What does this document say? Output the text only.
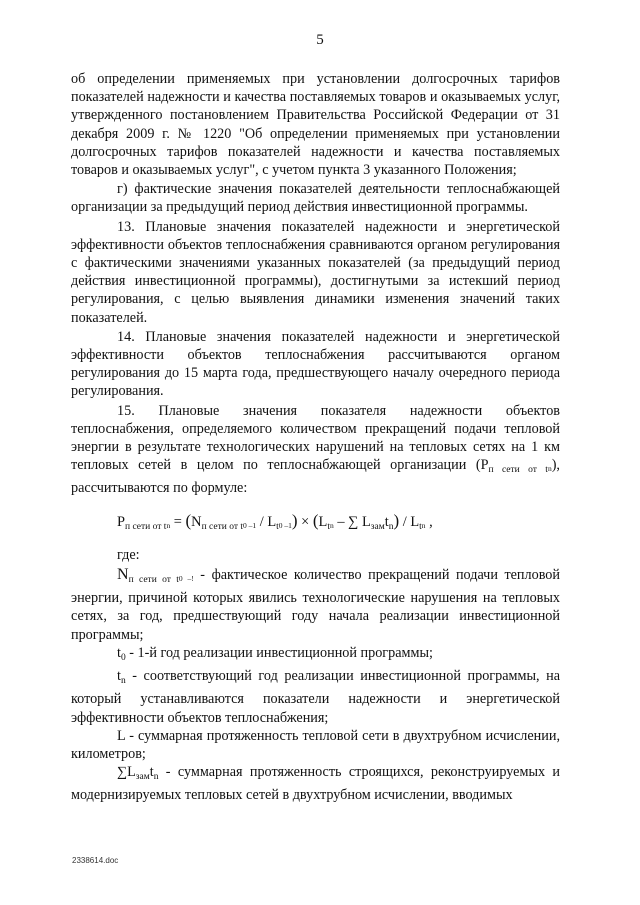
5

об определении применяемых при установлении долгосрочных тарифов показателей надежности и качества поставляемых товаров и оказываемых услуг, утвержденного постановлением Правительства Российской Федерации от 31 декабря 2009 г. № 1220 "Об определении применяемых при установлении долгосрочных тарифов показателей надежности и качества поставляемых товаров и оказываемых услуг", с учетом пункта 3 указанного Положения;

г) фактические значения показателей деятельности теплоснабжающей организации за предыдущий период действия инвестиционной программы.

13. Плановые значения показателей надежности и энергетической эффективности объектов теплоснабжения сравниваются органом регулирования с фактическими значениями указанных показателей (за предыдущий период действия инвестиционной программы), достигнутыми за истекший период регулирования, с целью выявления динамики изменения значений таких показателей.

14. Плановые значения показателей надежности и энергетической эффективности объектов теплоснабжения рассчитываются органом регулирования до 15 марта года, предшествующего началу очередного периода регулирования.

15. Плановые значения показателя надежности объектов теплоснабжения, определяемого количеством прекращений подачи тепловой энергии в результате технологических нарушений на тепловых сетях на 1 км тепловых сетей в целом по теплоснабжающей организации $(P_{п сети от t}n)$, рассчитываются по формуле:

$P_{п сети от t}n = (N_{п сети от t}0$ $-1 / L_t0$ $-1) \times (L_tn$ – ∑ $L_{зам}t_n) / L_tn$ ,
где:

$N_{п сети от t}0$ –! - фактическое количество прекращений подачи тепловой энергии, причиной которых явились технологические нарушения на тепловых сетях, за год, предшествующий году начала реализации инвестиционной программы;

$t_0 - 1-й$ год реализации инвестиционной программы;

$t_n$ - соответствующий год реализации инвестиционной программы, на который устанавливаются показатели надежности и энергетической эффективности объектов теплоснабжения;

L - суммарная протяженность тепловой сети в двухтрубном исчислении, километров;

$\sum L_{зам}t_n$ - суммарная протяженность строящихся, реконструируемых и модернизируемых тепловых сетей в двухтрубном исчислении, вводимых

2338614.doc
